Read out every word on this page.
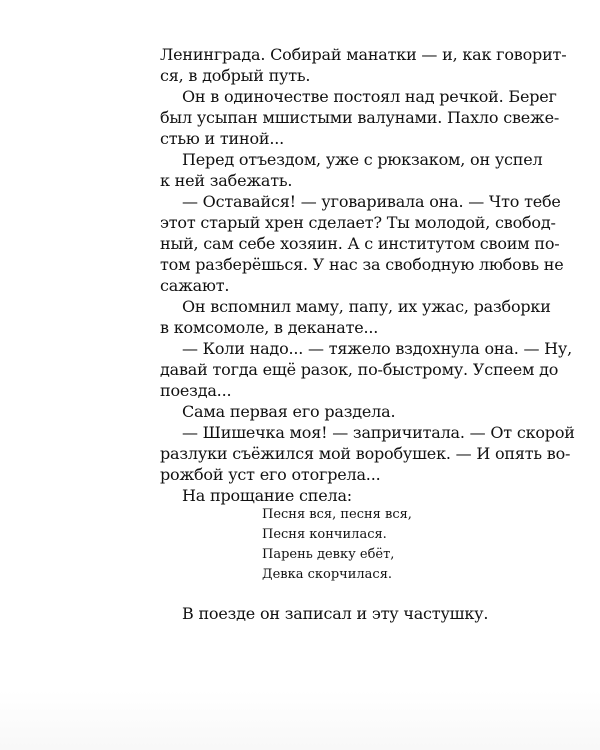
Ленинграда. Собирай манатки — и, как говорит-
ся, в добрый путь.
Он в одиночестве постоял над речкой. Берег
был усыпан мшистыми валунами. Пахло свеже-
стью и тиной...
Перед отъездом, уже с рюкзаком, он успел
к ней забежать.
— Оставайся! — уговаривала она. — Что тебе
этот старый хрен сделает? Ты молодой, свобод-
ный, сам себе хозяин. А с институтом своим по-
том разберёшься. У нас за свободную любовь не
сажают.
Он вспомнил маму, папу, их ужас, разборки
в комсомоле, в деканате...
— Коли надо... — тяжело вздохнула она. — Ну,
давай тогда ещё разок, по-быстрому. Успеем до
поезда...
Сама первая его раздела.
— Шишечка моя! — запричитала. — От скорой
разлуки съёжился мой воробушек. — И опять во-
рожбой уст его отогрела...
На прощание спела:
Песня вся, песня вся,
Песня кончилася.
Парень девку ебёт,
Девка скорчилася.
В поезде он записал и эту частушку.
